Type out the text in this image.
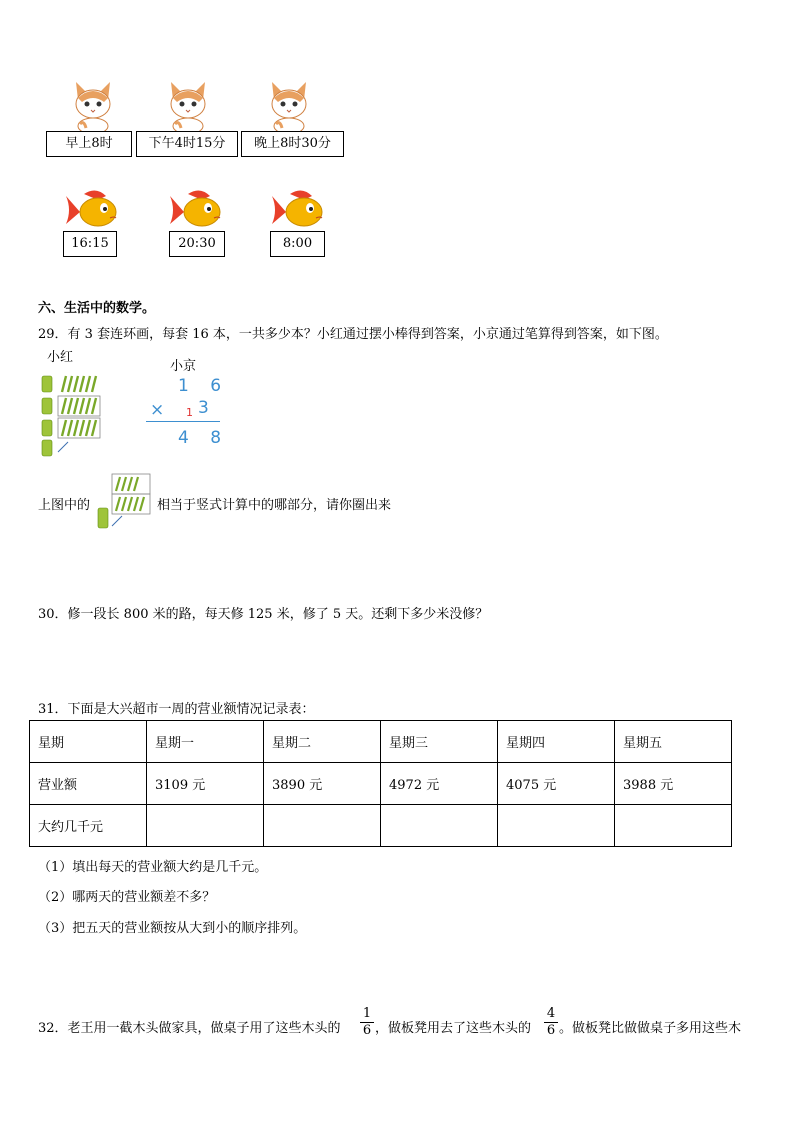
早上8时	下午4时15分	晚上8时30分
16:15	20:30	8:00
六、生活中的数学。
29．有 3 套连环画，每套 16 本，一共多少本？小红通过摆小棒得到答案，小京通过笔算得到答案，如下图。
小红
小京
1 6
× 1 3
4 8
上图中的	相当于竖式计算中的哪部分，请你圈出来
30．修一段长 800 米的路，每天修 125 米，修了 5 天。还剩下多少米没修？
31．下面是大兴超市一周的营业额情况记录表：
星期	星期一	星期二	星期三	星期四	星期五
营业额	3109 元	3890 元	4972 元	4075 元	3988 元
大约几千元					
（1）填出每天的营业额大约是几千元。
（2）哪两天的营业额差不多？
（3）把五天的营业额按从大到小的顺序排列。
32．老王用一截木头做家具，做桌子用了这些木头的 $\frac{1}{6}$ ，做板凳用去了这些木头的 $\frac{4}{6}$ 。做板凳比做做桌子多用这些木
